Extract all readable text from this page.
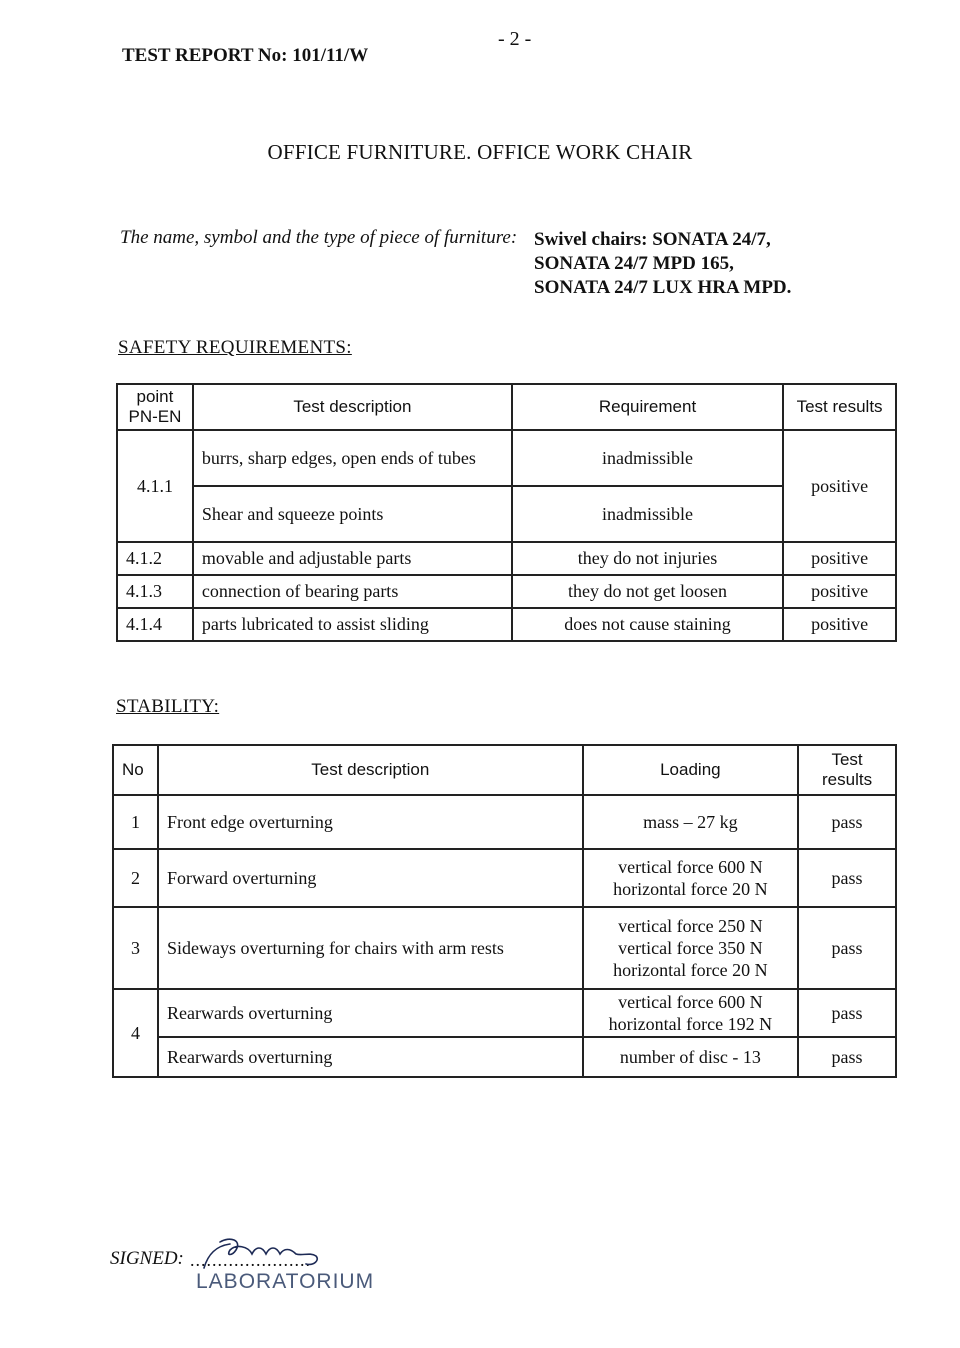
TEST REPORT No: 101/11/W
- 2 -
OFFICE FURNITURE. OFFICE WORK CHAIR
The name, symbol and the type of piece of furniture: Swivel chairs: SONATA 24/7,
SONATA 24/7 MPD 165,
SONATA 24/7 LUX HRA MPD.
SAFETY REQUIREMENTS:
point
PN-EN	Test description	Requirement	Test results
4.1.1	burrs, sharp edges, open ends of tubes	inadmissible	positive
	Shear and squeeze points	inadmissible	
4.1.2	movable and adjustable parts	they do not injuries	positive
4.1.3	connection of bearing parts	they do not get loosen	positive
4.1.4	parts lubricated to assist sliding	does not cause staining	positive
STABILITY:
No	Test description	Loading	Test results
1	Front edge overturning	mass – 27 kg	pass
2	Forward overturning	vertical force 600 N
horizontal force 20 N	pass
3	Sideways overturning for chairs with arm rests	vertical force 250 N
vertical force 350 N
horizontal force 20 N	pass
4	Rearwards overturning	vertical force 600 N
horizontal force 192 N	pass
	Rearwards overturning	number of disc - 13	pass
SIGNED: ......................
LABORATORIUM
